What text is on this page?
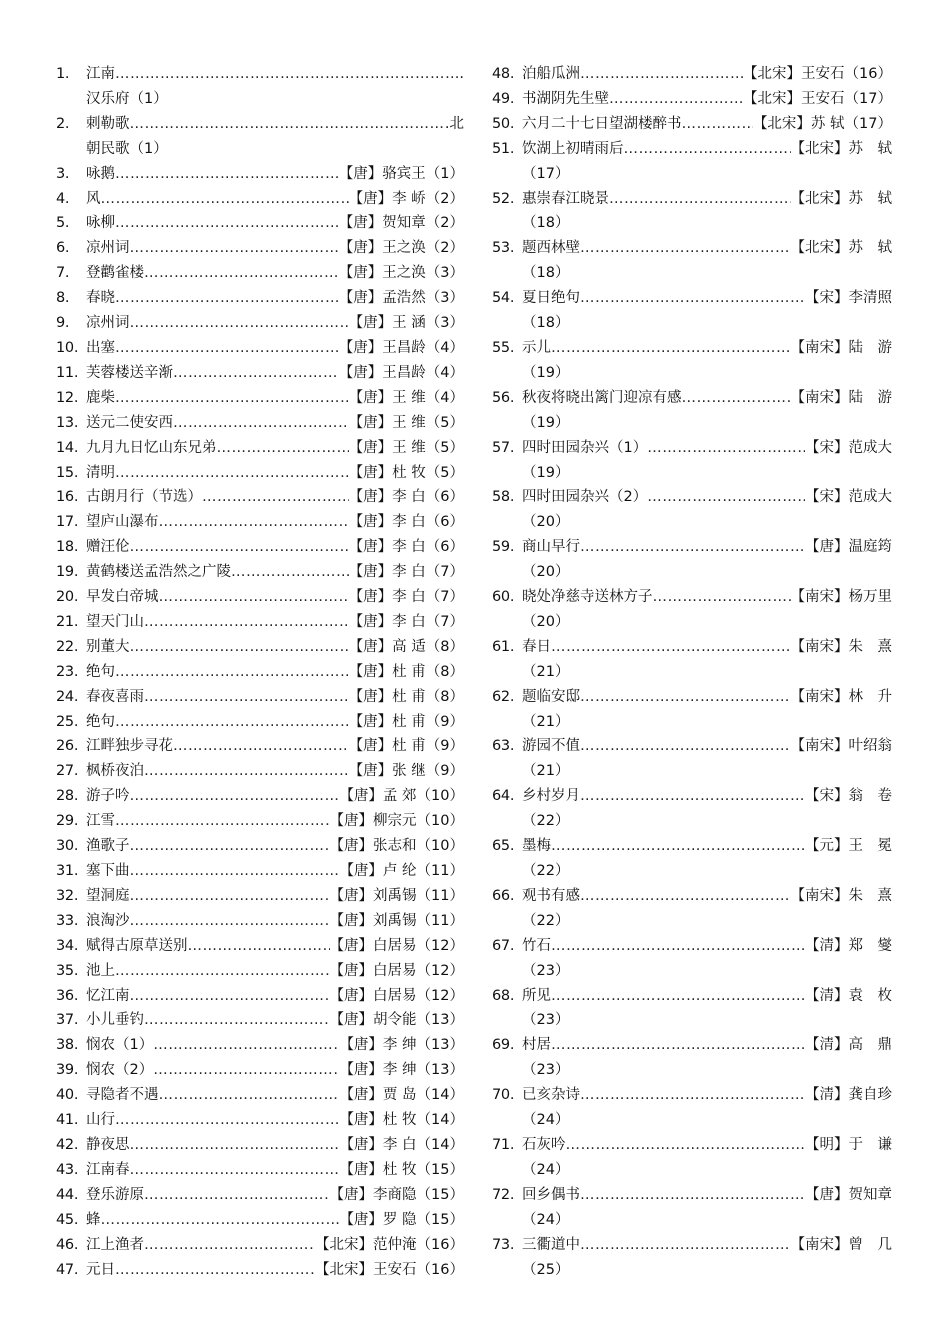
1.	江南 …………………………………………………………………………………………………………………………………………………………	.
汉乐府（1）
2.	刺勒歌 …………………………………………………………………………………………………………………………………………………………	.北
朝民歌（1）
3.	咏鹅 …………………………………………………………………………………………………………………………………………………………	【唐】骆宾王（1）
4.	风 …………………………………………………………………………………………………………………………………………………………	【唐】李 峤（2）
5.	咏柳 …………………………………………………………………………………………………………………………………………………………	【唐】贺知章（2）
6.	凉州词 …………………………………………………………………………………………………………………………………………………………	【唐】王之涣（2）
7.	登鹳雀楼 …………………………………………………………………………………………………………………………………………………………	【唐】王之涣（3）
8.	春晓 …………………………………………………………………………………………………………………………………………………………	【唐】孟浩然（3）
9.	凉州词 …………………………………………………………………………………………………………………………………………………………	【唐】王 涵（3）
10. 出塞 …………………………………………………………………………………………………………………………………………………………	【唐】王昌龄（4）
11. 芙蓉楼送辛渐 …………………………………………………………………………………………………………………………………………………………	【唐】王昌龄（4）
12. 鹿柴 …………………………………………………………………………………………………………………………………………………………	【唐】王 维（4）
13. 送元二使安西 …………………………………………………………………………………………………………………………………………………………	【唐】王 维（5）
14. 九月九日忆山东兄弟 …………………………………………………………………………………………………………………………………………………………	【唐】王 维（5）
15. 清明 …………………………………………………………………………………………………………………………………………………………	【唐】杜 牧（5）
16. 古朗月行（节选） …………………………………………………………………………………………………………………………………………………………	【唐】李 白（6）
17. 望庐山瀑布 …………………………………………………………………………………………………………………………………………………………	【唐】李 白（6）
18. 赠汪伦 …………………………………………………………………………………………………………………………………………………………	【唐】李 白（6）
19. 黄鹤楼送孟浩然之广陵 …………………………………………………………………………………………………………………………………………………………	【唐】李 白（7）
20. 早发白帝城 …………………………………………………………………………………………………………………………………………………………	【唐】李 白（7）
21. 望天门山 …………………………………………………………………………………………………………………………………………………………	【唐】李 白（7）
22. 别董大 …………………………………………………………………………………………………………………………………………………………	【唐】高 适（8）
23. 绝句 …………………………………………………………………………………………………………………………………………………………	【唐】杜 甫（8）
24. 春夜喜雨 …………………………………………………………………………………………………………………………………………………………	【唐】杜 甫（8）
25. 绝句 …………………………………………………………………………………………………………………………………………………………	【唐】杜 甫（9）
26. 江畔独步寻花 …………………………………………………………………………………………………………………………………………………………	【唐】杜 甫（9）
27. 枫桥夜泊 …………………………………………………………………………………………………………………………………………………………	【唐】张 继（9）
28. 游子吟 …………………………………………………………………………………………………………………………………………………………	【唐】孟 郊（10）
29. 江雪 …………………………………………………………………………………………………………………………………………………………	【唐】柳宗元（10）
30. 渔歌子 …………………………………………………………………………………………………………………………………………………………	【唐】张志和（10）
31. 塞下曲 …………………………………………………………………………………………………………………………………………………………	【唐】卢 纶（11）
32. 望洞庭 …………………………………………………………………………………………………………………………………………………………	【唐】刘禹锡（11）
33. 浪淘沙 …………………………………………………………………………………………………………………………………………………………	【唐】刘禹锡（11）
34. 赋得古原草送别 …………………………………………………………………………………………………………………………………………………………	【唐】白居易（12）
35. 池上 …………………………………………………………………………………………………………………………………………………………	【唐】白居易（12）
36. 忆江南 …………………………………………………………………………………………………………………………………………………………	【唐】白居易（12）
37. 小儿垂钓 …………………………………………………………………………………………………………………………………………………………	【唐】胡令能（13）
38. 悯农（1） …………………………………………………………………………………………………………………………………………………………	【唐】李 绅（13）
39. 悯农（2） …………………………………………………………………………………………………………………………………………………………	【唐】李 绅（13）
40. 寻隐者不遇 …………………………………………………………………………………………………………………………………………………………	【唐】贾 岛（14）
41. 山行 …………………………………………………………………………………………………………………………………………………………	【唐】杜 牧（14）
42. 静夜思 …………………………………………………………………………………………………………………………………………………………	【唐】李 白（14）
43. 江南春 …………………………………………………………………………………………………………………………………………………………	【唐】杜 牧（15）
44. 登乐游原 …………………………………………………………………………………………………………………………………………………………	【唐】李商隐（15）
45. 蜂 …………………………………………………………………………………………………………………………………………………………	【唐】罗 隐（15）
46. 江上渔者 …………………………………………………………………………………………………………………………………………………………	【北宋】范仲淹（16）
47. 元日 …………………………………………………………………………………………………………………………………………………………	【北宋】王安石（16）
48. 泊船瓜洲 …………………………………………………………………………………………………………………………………………………………	【北宋】王安石（16）
49. 书湖阴先生壁 …………………………………………………………………………………………………………………………………………………………	【北宋】王安石（17）
50. 六月二十七日望湖楼醉书 …………………………………………………………………………………………………………………………………………………………	【北宋】苏 轼（17）
51. 饮湖上初晴雨后 …………………………………………………………………………………………………………………………………………………………	【北宋】苏　轼
（17）
52. 惠崇春江晓景 …………………………………………………………………………………………………………………………………………………………	【北宋】苏　轼
（18）
53. 题西林壁 …………………………………………………………………………………………………………………………………………………………	【北宋】苏　轼
（18）
54. 夏日绝句 …………………………………………………………………………………………………………………………………………………………	【宋】李清照
（18）
55. 示儿 …………………………………………………………………………………………………………………………………………………………	【南宋】陆　游
（19）
56. 秋夜将晓出篱门迎凉有感 …………………………………………………………………………………………………………………………………………………………	【南宋】陆　游
（19）
57. 四时田园杂兴（1） …………………………………………………………………………………………………………………………………………………………	【宋】范成大
（19）
58. 四时田园杂兴（2） …………………………………………………………………………………………………………………………………………………………	【宋】范成大
（20）
59. 商山早行 …………………………………………………………………………………………………………………………………………………………	【唐】温庭筠
（20）
60. 晓处净慈寺送林方子 …………………………………………………………………………………………………………………………………………………………	【南宋】杨万里
（20）
61. 春日 …………………………………………………………………………………………………………………………………………………………	【南宋】朱　熹
（21）
62. 题临安邸 …………………………………………………………………………………………………………………………………………………………	【南宋】林　升
（21）
63. 游园不值 …………………………………………………………………………………………………………………………………………………………	【南宋】叶绍翁
（21）
64. 乡村岁月 …………………………………………………………………………………………………………………………………………………………	【宋】翁　卷
（22）
65. 墨梅 …………………………………………………………………………………………………………………………………………………………	【元】王　冕
（22）
66. 观书有感 …………………………………………………………………………………………………………………………………………………………	【南宋】朱　熹
（22）
67. 竹石 …………………………………………………………………………………………………………………………………………………………	【清】郑　燮
（23）
68. 所见 …………………………………………………………………………………………………………………………………………………………	【清】袁　枚
（23）
69. 村居 …………………………………………………………………………………………………………………………………………………………	【清】高　鼎
（23）
70. 已亥杂诗 …………………………………………………………………………………………………………………………………………………………	【清】龚自珍
（24）
71. 石灰吟 …………………………………………………………………………………………………………………………………………………………	【明】于　谦
（24）
72. 回乡偶书 …………………………………………………………………………………………………………………………………………………………	【唐】贺知章
（24）
73. 三衢道中 …………………………………………………………………………………………………………………………………………………………	【南宋】曾　几
（25）
